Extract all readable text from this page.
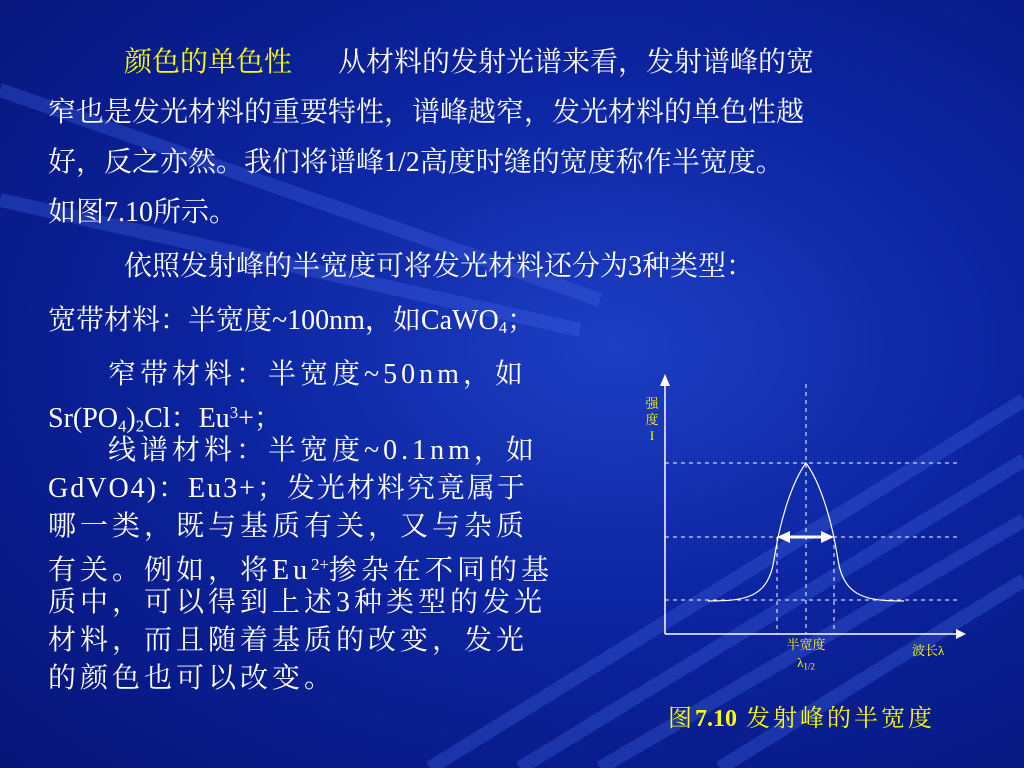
颜色的单色性 从材料的发射光谱来看，发射谱峰的宽
窄也是发光材料的重要特性，谱峰越窄，发光材料的单色性越
好，反之亦然。我们将谱峰1/2高度时缝的宽度称作半宽度。
如图7.10所示。
依照发射峰的半宽度可将发光材料还分为3种类型：
宽带材料：半宽度~100nm，如CaWO$_4$；
窄带材料：半宽度~50nm，如
$Sr(PO_4)_2Cl$：$Eu^3+$；
线谱材料：半宽度~0.1nm，如
GdVO4)：Eu3+；发光材料究竟属于
哪一类，既与基质有关，又与杂质
有关。例如，将$Eu^{2+}$掺杂在不同的基
质中，可以得到上述3种类型的发光
材料，而且随着基质的改变，发光
的颜色也可以改变。
强
度
I
波长λ
半宽度
$\lambda_{1/2}$
图7.10 发射峰的半宽度
